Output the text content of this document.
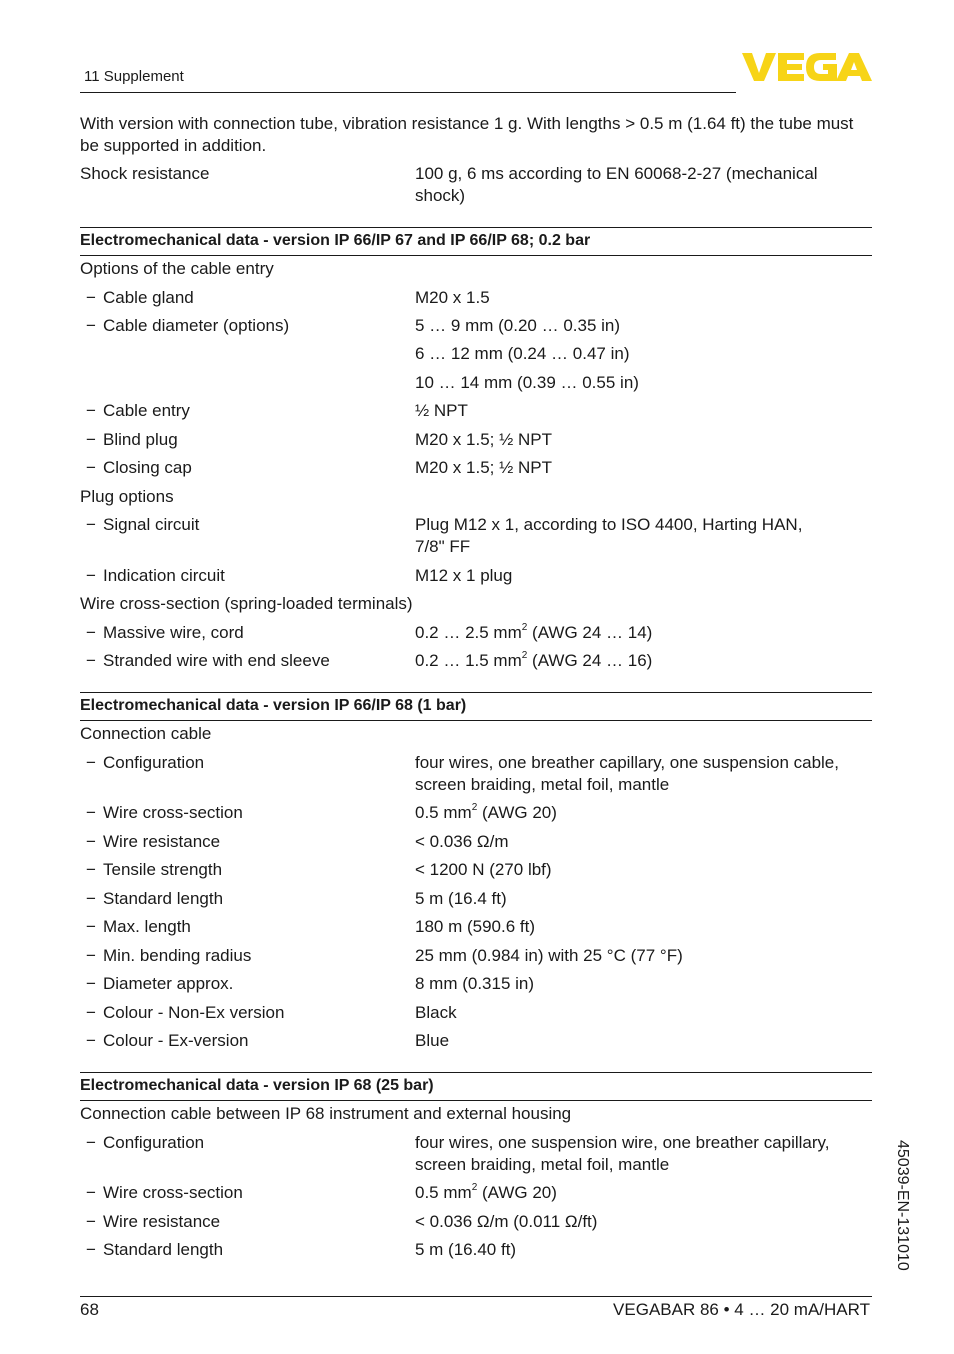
11 Supplement
With version with connection tube, vibration resistance 1 g. With lengths > 0.5 m (1.64 ft) the tube must be supported in addition.
Shock resistance	100 g, 6 ms according to EN 60068-2-27 (mechanical shock)
Electromechanical data - version IP 66/IP 67 and IP 66/IP 68; 0.2 bar
Options of the cable entry
− Cable gland	M20 x 1.5
− Cable diameter (options)	5 … 9 mm (0.20 … 0.35 in)
6 … 12 mm (0.24 … 0.47 in)
10 … 14 mm (0.39 … 0.55 in)
− Cable entry	½ NPT
− Blind plug	M20 x 1.5; ½ NPT
− Closing cap	M20 x 1.5; ½ NPT
Plug options
− Signal circuit	Plug M12 x 1, according to ISO 4400, Harting HAN, 7/8" FF
− Indication circuit	M12 x 1 plug
Wire cross-section (spring-loaded terminals)
− Massive wire, cord	0.2 … 2.5 $mm^2$ (AWG 24 … 14)
− Stranded wire with end sleeve	0.2 … 1.5 $mm^2$ (AWG 24 … 16)
Electromechanical data - version IP 66/IP 68 (1 bar)
Connection cable
− Configuration	four wires, one breather capillary, one suspension cable, screen braiding, metal foil, mantle
− Wire cross-section	0.5 $mm^2$ (AWG 20)
− Wire resistance	< 0.036 Ω/m
− Tensile strength	< 1200 N (270 lbf)
− Standard length	5 m (16.4 ft)
− Max. length	180 m (590.6 ft)
− Min. bending radius	25 mm (0.984 in) with 25 °C (77 °F)
− Diameter approx.	8 mm (0.315 in)
− Colour - Non-Ex version	Black
− Colour - Ex-version	Blue
Electromechanical data - version IP 68 (25 bar)
Connection cable between IP 68 instrument and external housing
− Configuration	four wires, one suspension wire, one breather capillary, screen braiding, metal foil, mantle
− Wire cross-section	0.5 $mm^2$ (AWG 20)
− Wire resistance	< 0.036 Ω/m (0.011 Ω/ft)
− Standard length	5 m (16.40 ft)	45039-EN-131010
68	VEGABAR 86 • 4 … 20 mA/HART
